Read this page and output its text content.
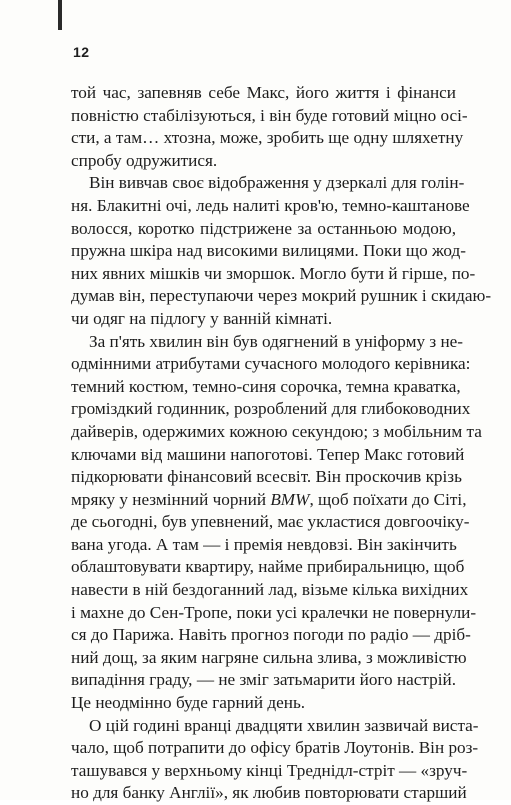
12
той час, запевняв себе Макс, його життя і фінанси
повністю стабілізуються, і він буде готовий міцно осі-
сти, а там… хтозна, може, зробить ще одну шляхетну
спробу одружитися.
Він вивчав своє відображення у дзеркалі для голін-
ня. Блакитні очі, ледь налиті кров'ю, темно-каштанове
волосся, коротко підстрижене за останньою модою,
пружна шкіра над високими вилицями. Поки що жод-
них явних мішків чи зморшок. Могло бути й гірше, по-
думав він, переступаючи через мокрий рушник і скидаю-
чи одяг на підлогу у ванній кімнаті.
За п'ять хвилин він був одягнений в уніформу з не-
одмінними атрибутами сучасного молодого керівника:
темний костюм, темно-синя сорочка, темна краватка,
громіздкий годинник, розроблений для глибоководних
дайверів, одержимих кожною секундою; з мобільним та
ключами від машини напоготові. Тепер Макс готовий
підкорювати фінансовий всесвіт. Він проскочив крізь
мряку у незмінний чорний BMW, щоб поїхати до Сіті,
де сьогодні, був упевнений, має укластися довгоочіку-
вана угода. А там — і премія невдовзі. Він закінчить
облаштовувати квартиру, найме прибиральницю, щоб
навести в ній бездоганний лад, візьме кілька вихідних
і махне до Сен-Тропе, поки усі кралечки не повернули-
ся до Парижа. Навіть прогноз погоди по радіо — дріб-
ний дощ, за яким нагряне сильна злива, з можливістю
випадіння граду, — не зміг затьмарити його настрій.
Це неодмінно буде гарний день.
О цій годині вранці двадцяти хвилин зазвичай виста-
чало, щоб потрапити до офісу братів Лоутонів. Він роз-
ташувався у верхньому кінці Треднідл-стріт — «зруч-
но для банку Англії», як любив повторювати старший
